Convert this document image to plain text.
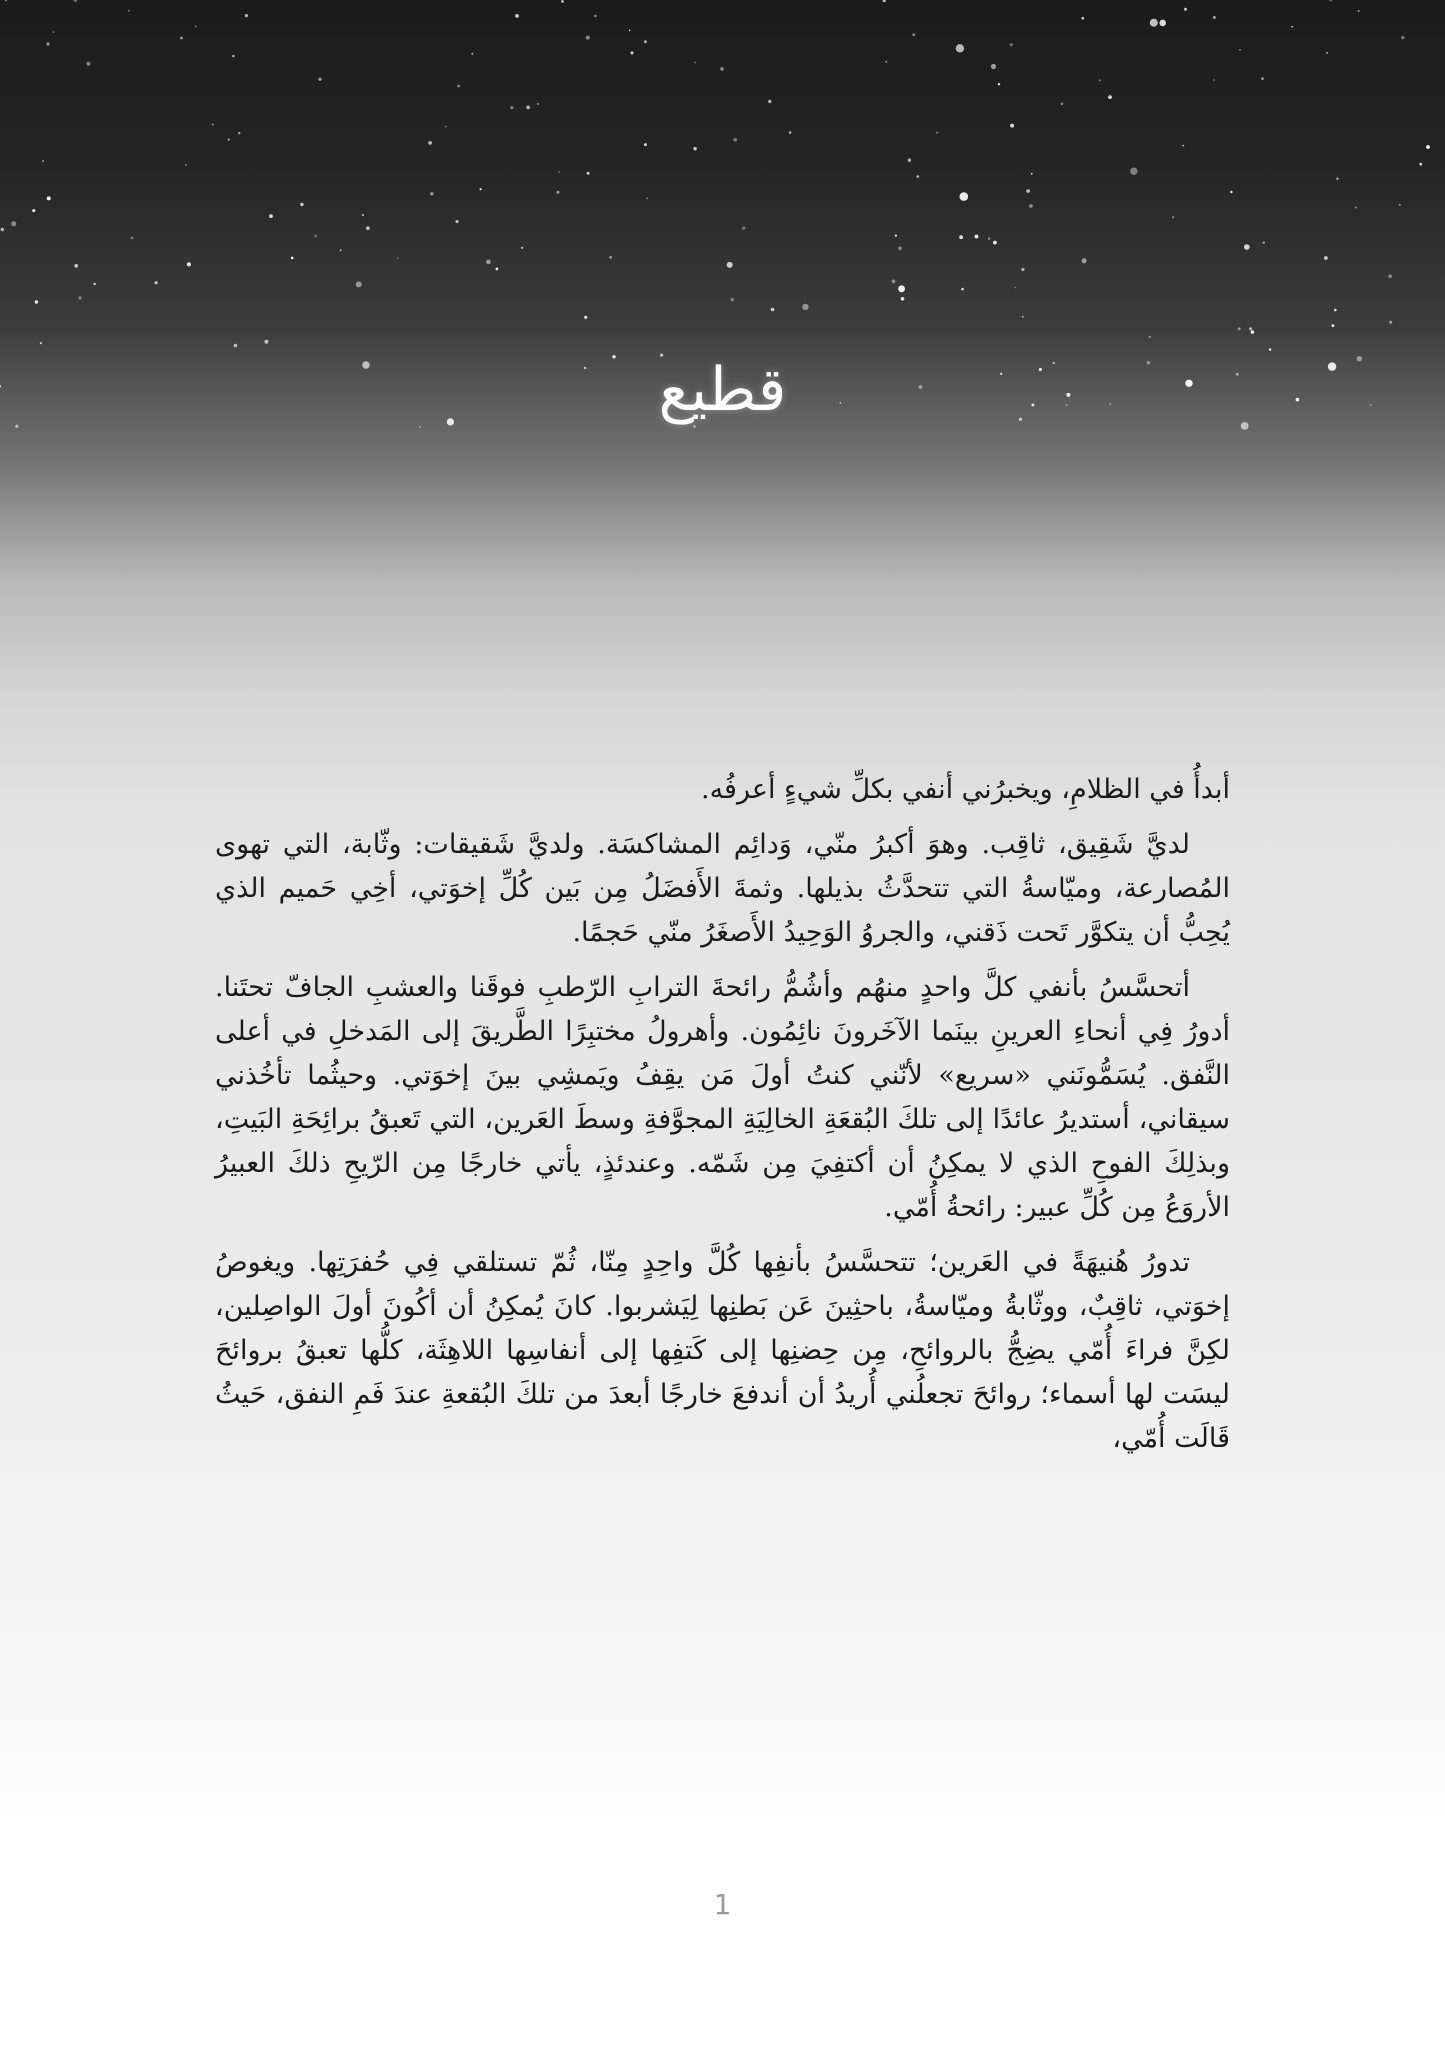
قطيع

أبدأُ في الظلامِ، ويخبرُني أنفي بكلِّ شيءٍ أعرفُه.

لديَّ شَقِيق، ثاقِب. وهوَ أكبرُ منّي، وَدائِم المشاكسَة. ولديَّ شَقيقات: وثّابة، التي تهوى المُصارعة، وميّاسةُ التي تتحدَّثُ بذيلها. وثمةَ الأَفضَلُ مِن بَين كُلِّ إخوَتي، أخِي حَميم الذي يُحِبُّ أن يتكوَّر تَحت ذَقني، والجروُ الوَحِيدُ الأَصغَرُ منّي حَجمًا.

أتحسَّسُ بأنفي كلَّ واحدٍ منهُم وأشُمُّ رائحةَ الترابِ الرّطبِ فوقَنا والعشبِ الجافّ تحتَنا. أدورُ فِي أنحاءِ العرينِ بينَما الآخَرونَ نائِمُون. وأهرولُ مختبِرًا الطَّريقَ إلى المَدخلِ في أعلى النَّفق. يُسَمُّونَني «سريع» لأنّني كنتُ أولَ مَن يقِفُ ويَمشِي بينَ إخوَتي. وحيثُما تأخُذني سيقاني، أستديرُ عائدًا إلى تلكَ البُقعَةِ الخالِيَةِ المجوَّفةِ وسطَ العَرين، التي تَعبقُ برائِحَةِ البَيتِ، وبذلِكَ الفوحِ الذي لا يمكِنُ أن أكتفِيَ مِن شَمّه. وعندئذٍ، يأتي خارجًا مِن الرّيحِ ذلكَ العبيرُ الأروَعُ مِن كُلِّ عبير: رائحةُ أُمّي.

تدورُ هُنيهَةً في العَرين؛ تتحسَّسُ بأنفِها كُلَّ واحِدٍ مِنّا، ثُمّ تستلقي فِي حُفرَتِها. ويغوصُ إخوَتي، ثاقِبٌ، ووثّابةُ وميّاسةُ، باحثِينَ عَن بَطنِها لِيَشربوا. كانَ يُمكِنُ أن أكُونَ أولَ الواصِلين، لكِنَّ فراءَ أُمّي يضِجُّ بالروائحِ، مِن حِضنِها إلى كَتفِها إلى أنفاسِها اللاهِثَة، كلُّها تعبقُ بروائحَ ليسَت لها أسماء؛ روائحَ تجعلُني أُريدُ أن أندفعَ خارجًا أبعدَ من تلكَ البُقعةِ عندَ فَمِ النفق، حَيثُ قَالَت أُمّي،

1
